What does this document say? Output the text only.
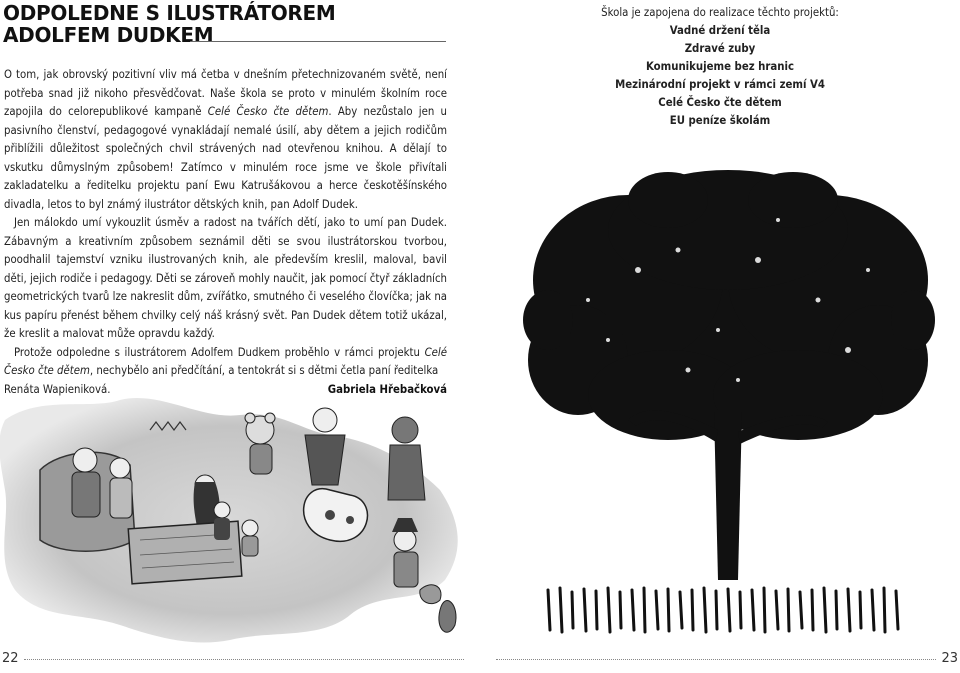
ODPOLEDNE S ILUSTRÁTOREM
ADOLFEM DUDKEM

O tom, jak obrovský pozitivní vliv má četba v dnešním přetechnizovaném světě, není potřeba snad již nikoho přesvědčovat. Naše škola se proto v minulém školním roce zapojila do celorepublikové kampaně Celé Česko čte dětem. Aby nezůstalo jen u pasivního členství, pedagogové vynakládají nemalé úsilí, aby dětem a jejich rodičům přiblížili důležitost společných chvil strávených nad otevřenou knihou. A dělají to vskutku důmyslným způsobem! Zatímco v minulém roce jsme ve škole přivítali zakladatelku a ředitelku projektu paní Ewu Katrušákovou a herce českotěšínského divadla, letos to byl známý ilustrátor dětských knih, pan Adolf Dudek.

Jen málokdo umí vykouzlit úsměv a radost na tvářích dětí, jako to umí pan Dudek. Zábavným a kreativním způsobem seznámil děti se svou ilustrátorskou tvorbou, poodhalil tajemství vzniku ilustrovaných knih, ale především kreslil, maloval, bavil děti, jejich rodiče i pedagogy. Děti se zároveň mohly naučit, jak pomocí čtyř základních geometrických tvarů lze nakreslit dům, zvířátko, smutného či veselého človíčka; jak na kus papíru přenést během chvilky celý náš krásný svět. Pan Dudek dětem totiž ukázal, že kreslit a malovat může opravdu každý.

Protože odpoledne s ilustrátorem Adolfem Dudkem proběhlo v rámci projektu Celé Česko čte dětem, nechybělo ani předčítání, a tentokrát si s dětmi četla paní ředitelka

Renáta Wapieniková.	Gabriela Hřebačková
22
Škola je zapojena do realizace těchto projektů:
Vadné držení těla
Zdravé zuby
Komunikujeme bez hranic
Mezinárodní projekt v rámci zemí V4
Celé Česko čte dětem
EU peníze školám
23
